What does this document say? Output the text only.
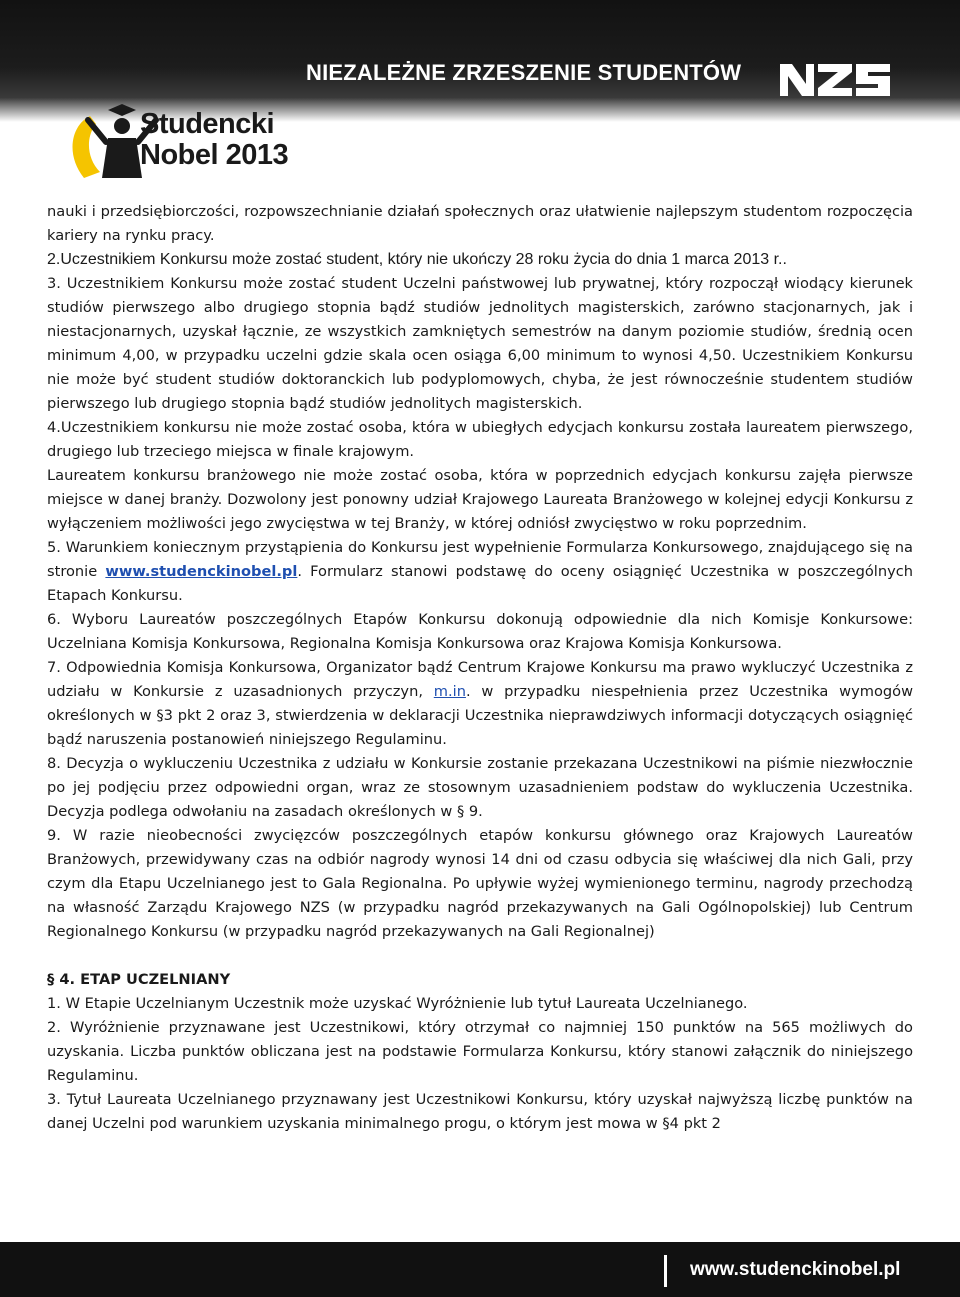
NIEZALEŻNE ZRZESZENIE STUDENTÓW
Studencki
Nobel 2013

nauki i przedsiębiorczości, rozpowszechnianie działań społecznych oraz ułatwienie najlepszym studentom rozpoczęcia kariery na rynku pracy.

2.Uczestnikiem Konkursu może zostać student, który nie ukończy 28 roku życia do dnia 1 marca 2013 r..

3. Uczestnikiem Konkursu może zostać student Uczelni państwowej lub prywatnej, który rozpoczął wiodący kierunek studiów pierwszego albo drugiego stopnia bądź studiów jednolitych magisterskich, zarówno stacjonarnych, jak i niestacjonarnych, uzyskał łącznie, ze wszystkich zamkniętych semestrów na danym poziomie studiów, średnią ocen minimum 4,00, w przypadku uczelni gdzie skala ocen osiąga 6,00 minimum to wynosi 4,50. Uczestnikiem Konkursu nie może być student studiów doktoranckich lub podyplomowych, chyba, że jest równocześnie studentem studiów pierwszego lub drugiego stopnia bądź studiów jednolitych magisterskich.

4.Uczestnikiem konkursu nie może zostać osoba, która w ubiegłych edycjach konkursu została laureatem pierwszego, drugiego lub trzeciego miejsca w finale krajowym.

Laureatem konkursu branżowego nie może zostać osoba, która w poprzednich edycjach konkursu zajęła pierwsze miejsce w danej branży. Dozwolony jest ponowny udział Krajowego Laureata Branżowego w kolejnej edycji Konkursu z wyłączeniem możliwości jego zwycięstwa w tej Branży, w której odniósł zwycięstwo w roku poprzednim.

5. Warunkiem koniecznym przystąpienia do Konkursu jest wypełnienie Formularza Konkursowego, znajdującego się na stronie www.studenckinobel.pl. Formularz stanowi podstawę do oceny osiągnięć Uczestnika w poszczególnych Etapach Konkursu.

6. Wyboru Laureatów poszczególnych Etapów Konkursu dokonują odpowiednie dla nich Komisje Konkursowe: Uczelniana Komisja Konkursowa, Regionalna Komisja Konkursowa oraz Krajowa Komisja Konkursowa.

7. Odpowiednia Komisja Konkursowa, Organizator bądź Centrum Krajowe Konkursu ma prawo wykluczyć Uczestnika z udziału w Konkursie z uzasadnionych przyczyn, m.in. w przypadku niespełnienia przez Uczestnika wymogów określonych w §3 pkt 2 oraz 3, stwierdzenia w deklaracji Uczestnika nieprawdziwych informacji dotyczących osiągnięć bądź naruszenia postanowień niniejszego Regulaminu.

8. Decyzja o wykluczeniu Uczestnika z udziału w Konkursie zostanie przekazana Uczestnikowi na piśmie niezwłocznie po jej podjęciu przez odpowiedni organ, wraz ze stosownym uzasadnieniem podstaw do wykluczenia Uczestnika. Decyzja podlega odwołaniu na zasadach określonych w § 9.

9. W razie nieobecności zwycięzców poszczególnych etapów konkursu głównego oraz Krajowych Laureatów Branżowych, przewidywany czas na odbiór nagrody wynosi 14 dni od czasu odbycia się właściwej dla nich Gali, przy czym dla Etapu Uczelnianego jest to Gala Regionalna. Po upływie wyżej wymienionego terminu, nagrody przechodzą na własność Zarządu Krajowego NZS (w przypadku nagród przekazywanych na Gali Ogólnopolskiej) lub Centrum Regionalnego Konkursu (w przypadku nagród przekazywanych na Gali Regionalnej)

§ 4. ETAP UCZELNIANY

1. W Etapie Uczelnianym Uczestnik może uzyskać Wyróżnienie lub tytuł Laureata Uczelnianego.

2. Wyróżnienie przyznawane jest Uczestnikowi, który otrzymał co najmniej 150 punktów na 565 możliwych do uzyskania. Liczba punktów obliczana jest na podstawie Formularza Konkursu, który stanowi załącznik do niniejszego Regulaminu.

3. Tytuł Laureata Uczelnianego przyznawany jest Uczestnikowi Konkursu, który uzyskał najwyższą liczbę punktów na danej Uczelni pod warunkiem uzyskania minimalnego progu, o którym jest mowa w §4 pkt 2

www.studenckinobel.pl
